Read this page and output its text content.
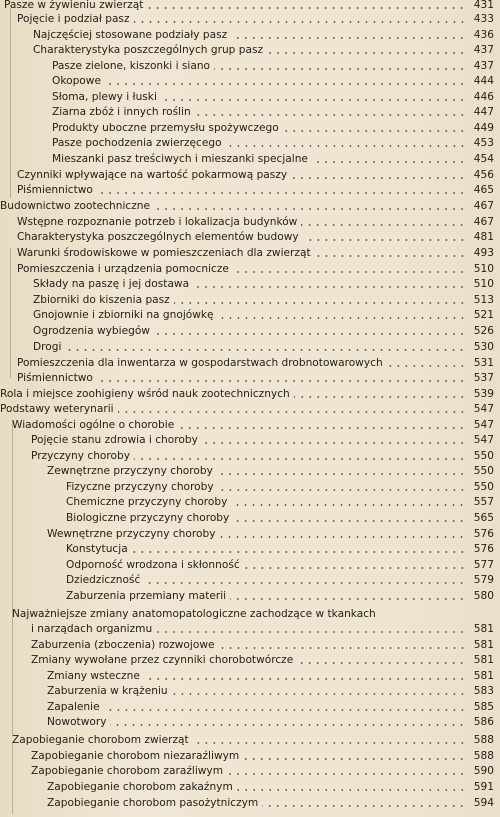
Pasze w żywieniu zwierząt	431
Pojęcie i podział pasz	433
Najczęściej stosowane podziały pasz	436
Charakterystyka poszczególnych grup pasz	437
Pasze zielone, kiszonki i siano	437
Okopowe	444
Słoma, plewy i łuski	446
Ziarna zbóż i innych roślin	447
Produkty uboczne przemysłu spożywczego	449
Pasze pochodzenia zwierzęcego	453
Mieszanki pasz treściwych i mieszanki specjalne	454
Czynniki wpływające na wartość pokarmową paszy	456
Piśmiennictwo	465
Budownictwo zootechniczne	467
Wstępne rozpoznanie potrzeb i lokalizacja budynków	467
Charakterystyka poszczególnych elementów budowy	481
Warunki środowiskowe w pomieszczeniach dla zwierząt	493
Pomieszczenia i urządzenia pomocnicze	510
Składy na paszę i jej dostawa	510
Zbiorniki do kiszenia pasz	513
Gnojownie i zbiorniki na gnojówkę	521
Ogrodzenia wybiegów	526
Drogi	530
Pomieszczenia dla inwentarza w gospodarstwach drobnotowarowych	531
Piśmiennictwo	537
Rola i miejsce zoohigieny wśród nauk zootechnicznych	539
Podstawy weterynarii	547
Wiadomości ogólne o chorobie	547
Pojęcie stanu zdrowia i choroby	547
Przyczyny choroby	550
Zewnętrzne przyczyny choroby	550
Fizyczne przyczyny choroby	550
Chemiczne przyczyny choroby	557
Biologiczne przyczyny choroby	565
Wewnętrzne przyczyny choroby	576
Konstytucja	576
Odporność wrodzona i skłonność	577
Dziedziczność	579
Zaburzenia przemiany materii	580
Najważniejsze zmiany anatomopatologiczne zachodzące w tkankach
i narządach organizmu	581
Zaburzenia (zboczenia) rozwojowe	581
Zmiany wywołane przez czynniki chorobotwórcze	581
Zmiany wsteczne	581
Zaburzenia w krążeniu	583
Zapalenie	585
Nowotwory	586
Zapobieganie chorobom zwierząt	588
Zapobieganie chorobom niezaraźliwym	588
Zapobieganie chorobom zaraźliwym	590
Zapobieganie chorobom zakaźnym	591
Zapobieganie chorobom pasożytniczym	594
